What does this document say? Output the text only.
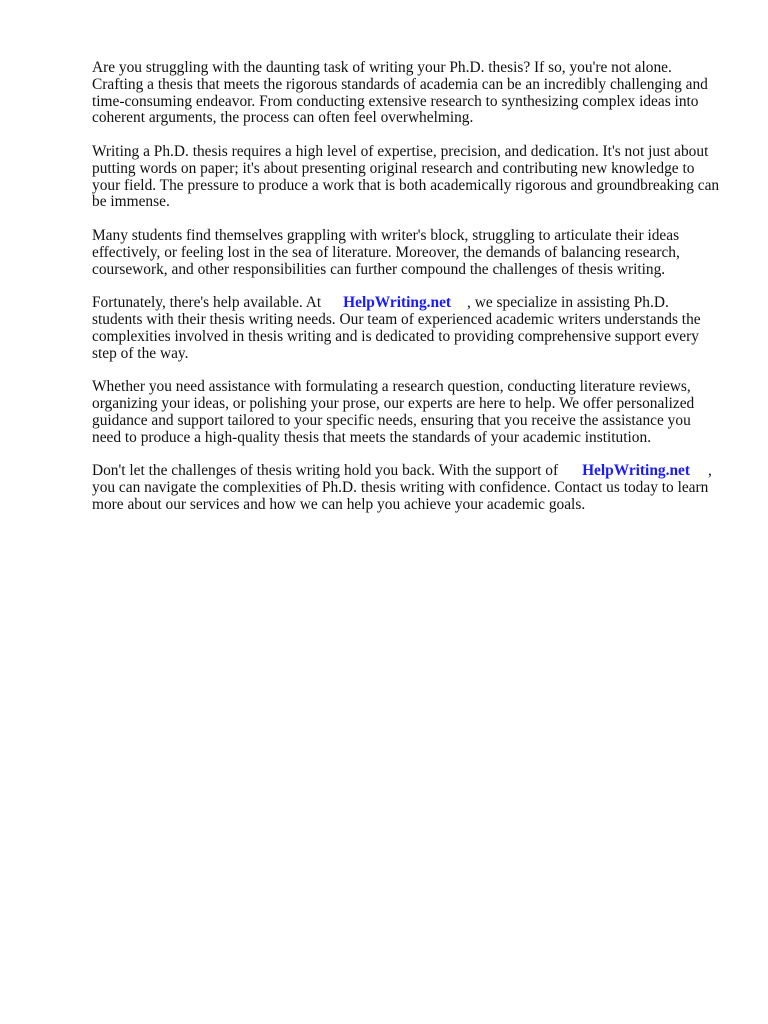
Are you struggling with the daunting task of writing your Ph.D. thesis? If so, you're not alone. Crafting a thesis that meets the rigorous standards of academia can be an incredibly challenging and time-consuming endeavor. From conducting extensive research to synthesizing complex ideas into coherent arguments, the process can often feel overwhelming.

Writing a Ph.D. thesis requires a high level of expertise, precision, and dedication. It's not just about putting words on paper; it's about presenting original research and contributing new knowledge to your field. The pressure to produce a work that is both academically rigorous and groundbreaking can be immense.

Many students find themselves grappling with writer's block, struggling to articulate their ideas effectively, or feeling lost in the sea of literature. Moreover, the demands of balancing research, coursework, and other responsibilities can further compound the challenges of thesis writing.

Fortunately, there's help available. At HelpWriting.net , we specialize in assisting Ph.D. students with their thesis writing needs. Our team of experienced academic writers understands the complexities involved in thesis writing and is dedicated to providing comprehensive support every step of the way.

Whether you need assistance with formulating a research question, conducting literature reviews, organizing your ideas, or polishing your prose, our experts are here to help. We offer personalized guidance and support tailored to your specific needs, ensuring that you receive the assistance you need to produce a high-quality thesis that meets the standards of your academic institution.

Don't let the challenges of thesis writing hold you back. With the support of HelpWriting.net , you can navigate the complexities of Ph.D. thesis writing with confidence. Contact us today to learn more about our services and how we can help you achieve your academic goals.
